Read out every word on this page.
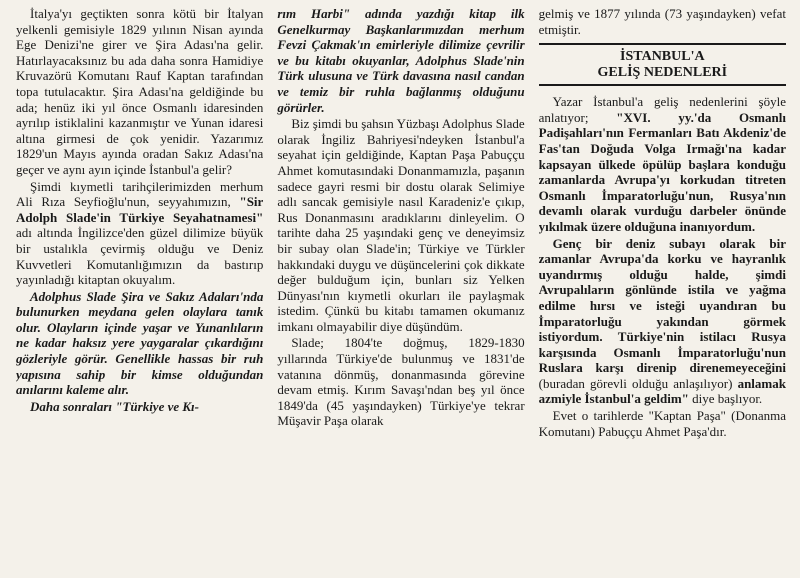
İtalya'yı geçtikten sonra kötü bir İtalyan yelkenli gemisiyle 1829 yılının Nisan ayında Ege Denizi'ne girer ve Şira Adası'na gelir. Hatırlayacaksınız bu ada daha sonra Hamidiye Kruvazörü Komutanı Rauf Kaptan tarafından topa tutulacaktır. Şira Adası'na geldiğinde bu ada; henüz iki yıl önce Osmanlı idaresinden ayrılıp istiklalini kazanmıştır ve Yunan idaresi altına girmesi de çok yenidir. Yazarımız 1829'un Mayıs ayında oradan Sakız Adası'na geçer ve aynı ayın içinde İstanbul'a gelir?

Şimdi kıymetli tarihçilerimizden merhum Ali Rıza Seyfioğlu'nun, seyyahımızın, "Sir Adolph Slade'in Türkiye Seyahatnamesi" adı altında İngilizce'den güzel dilimize büyük bir ustalıkla çevirmiş olduğu ve Deniz Kuvvetleri Komutanlığımızın da bastırıp yayınladığı kitaptan okuyalım.

Adolphus Slade Şira ve Sakız Adaları'nda bulunurken meydana gelen olaylara tanık olur. Olayların içinde yaşar ve Yunanlıların ne kadar haksız yere yaygaralar çıkardığını gözleriyle görür. Genellikle hassas bir ruh yapısına sahip bir kimse olduğundan anılarını kaleme alır.

Daha sonraları "Türkiye ve Kı-

rım Harbi" adında yazdığı kitap ilk Genelkurmay Başkanlarımızdan merhum Fevzi Çakmak'ın emirleriyle dilimize çevrilir ve bu kitabı okuyanlar, Adolphus Slade'nin Türk ulusuna ve Türk davasına nasıl candan ve temiz bir ruhla bağlanmış olduğunu görürler.

Biz şimdi bu şahsın Yüzbaşı Adolphus Slade olarak İngiliz Bahriyesi'ndeyken İstanbul'a seyahat için geldiğinde, Kaptan Paşa Pabuççu Ahmet komutasındaki Donanmamızla, paşanın sadece gayri resmi bir dostu olarak Selimiye adlı sancak gemisiyle nasıl Karadeniz'e çıkıp, Rus Donanmasını aradıklarını dinleyelim. O tarihte daha 25 yaşındaki genç ve deneyimsiz bir subay olan Slade'in; Türkiye ve Türkler hakkındaki duygu ve düşüncelerini çok dikkate değer bulduğum için, bunları siz Yelken Dünyası'nın kıymetli okurları ile paylaşmak istedim. Çünkü bu kitabı tamamen okumanız imkanı olmayabilir diye düşündüm.

Slade; 1804'te doğmuş, 1829-1830 yıllarında Türkiye'de bulunmuş ve 1831'de vatanına dönmüş, donanmasında görevine devam etmiş. Kırım Savaşı'ndan beş yıl önce 1849'da (45 yaşındayken) Türkiye'ye tekrar Müşavir Paşa olarak

gelmiş ve 1877 yılında (73 yaşındayken) vefat etmiştir.

İSTANBUL'A
GELİŞ NEDENLERİ

Yazar İstanbul'a geliş nedenlerini şöyle anlatıyor; "XVI. yy.'da Osmanlı Padişahları'nın Fermanları Batı Akdeniz'de Fas'tan Doğuda Volga Irmağı'na kadar kapsayan ülkede öpülüp başlara konduğu zamanlarda Avrupa'yı korkudan titreten Osmanlı İmparatorluğu'nun, Rusya'nın devamlı olarak vurduğu darbeler önünde yıkılmak üzere olduğuna inanıyordum.

Genç bir deniz subayı olarak bir zamanlar Avrupa'da korku ve hayranlık uyandırmış olduğu halde, şimdi Avrupalıların gönlünde istila ve yağma edilme hırsı ve isteği uyandıran bu İmparatorluğu yakından görmek istiyordum. Türkiye'nin istilacı Rusya karşısında Osmanlı İmparatorluğu'nun Ruslara karşı direnip direnemeyeceğini (buradan görevli olduğu anlaşılıyor) anlamak azmiyle İstanbul'a geldim" diye başlıyor.

Evet o tarihlerde "Kaptan Paşa" (Donanma Komutanı) Pabuççu Ahmet Paşa'dır.
